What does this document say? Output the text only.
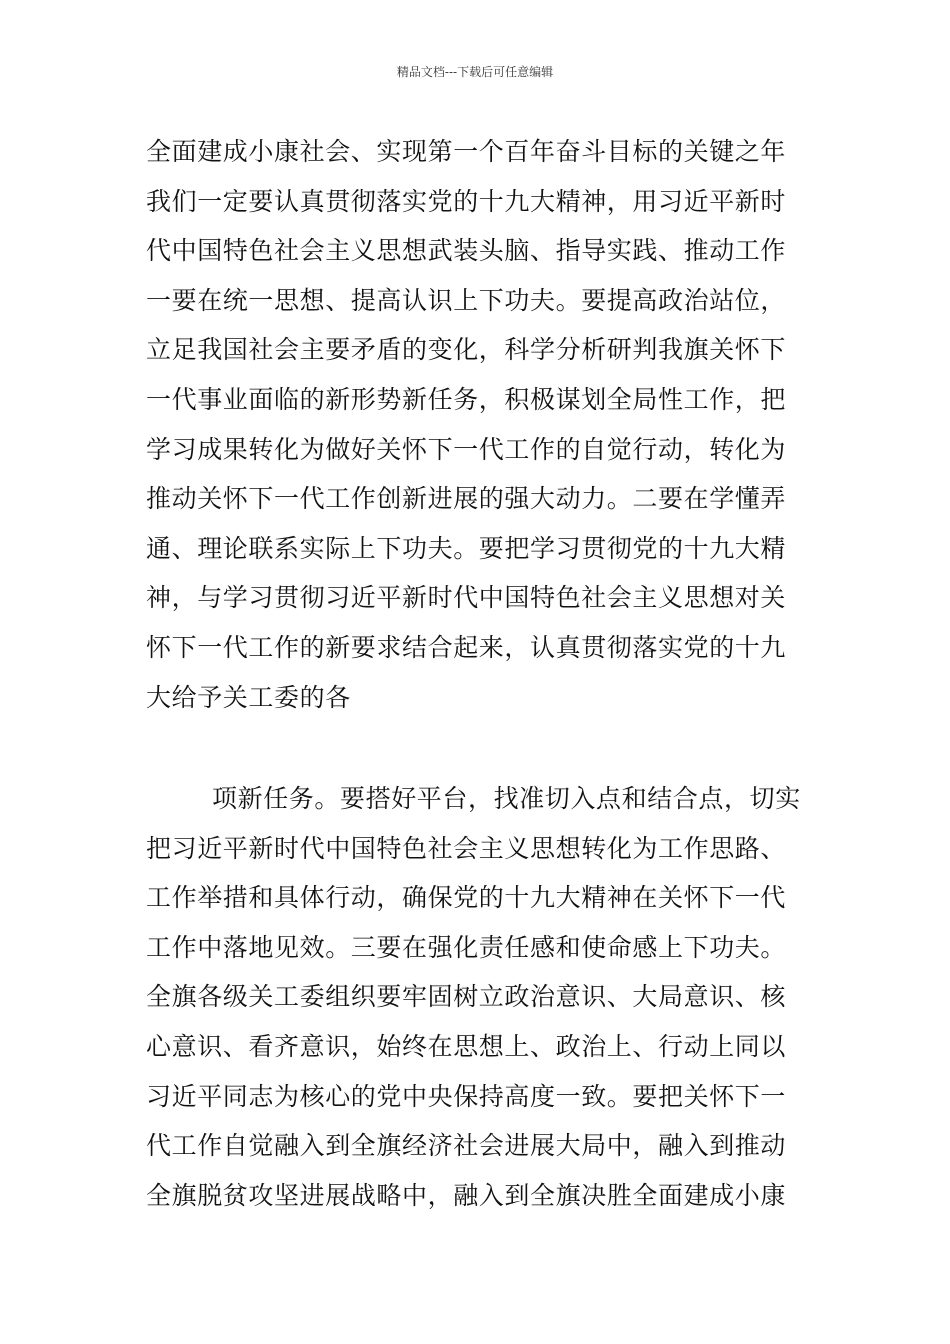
精品文档---下载后可任意编辑
全面建成小康社会、实现第一个百年奋斗目标的关键之年
我们一定要认真贯彻落实党的十九大精神，用习近平新时
代中国特色社会主义思想武装头脑、指导实践、推动工作
一要在统一思想、提高认识上下功夫。要提高政治站位，
立足我国社会主要矛盾的变化，科学分析研判我旗关怀下
一代事业面临的新形势新任务，积极谋划全局性工作，把
学习成果转化为做好关怀下一代工作的自觉行动，转化为
推动关怀下一代工作创新进展的强大动力。二要在学懂弄
通、理论联系实际上下功夫。要把学习贯彻党的十九大精
神，与学习贯彻习近平新时代中国特色社会主义思想对关
怀下一代工作的新要求结合起来，认真贯彻落实党的十九
大给予关工委的各
项新任务。要搭好平台，找准切入点和结合点，切实
把习近平新时代中国特色社会主义思想转化为工作思路、
工作举措和具体行动，确保党的十九大精神在关怀下一代
工作中落地见效。三要在强化责任感和使命感上下功夫。
全旗各级关工委组织要牢固树立政治意识、大局意识、核
心意识、看齐意识，始终在思想上、政治上、行动上同以
习近平同志为核心的党中央保持高度一致。要把关怀下一
代工作自觉融入到全旗经济社会进展大局中，融入到推动
全旗脱贫攻坚进展战略中，融入到全旗决胜全面建成小康
